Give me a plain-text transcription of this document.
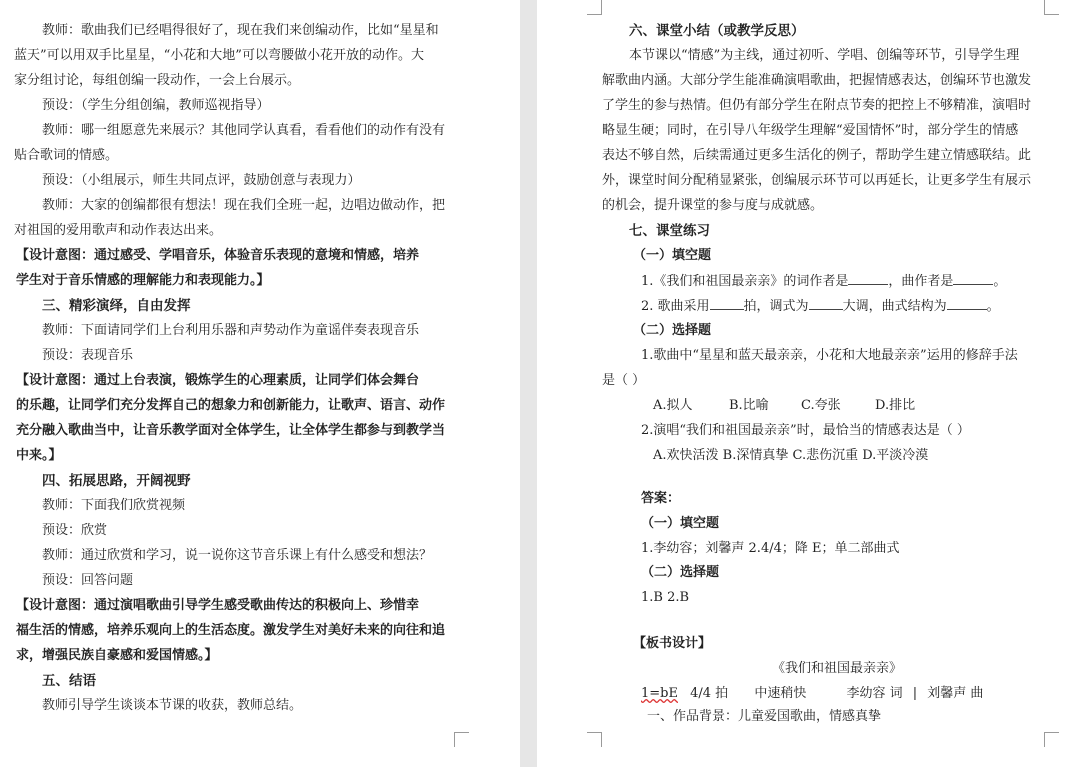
教师：歌曲我们已经唱得很好了，现在我们来创编动作，比如“星星和
蓝天”可以用双手比星星，“小花和大地”可以弯腰做小花开放的动作。大
家分组讨论，每组创编一段动作，一会上台展示。
预设：（学生分组创编，教师巡视指导）
教师：哪一组愿意先来展示？其他同学认真看，看看他们的动作有没有
贴合歌词的情感。
预设：（小组展示，师生共同点评，鼓励创意与表现力）
教师：大家的创编都很有想法！现在我们全班一起，边唱边做动作，把
对祖国的爱用歌声和动作表达出来。
【设计意图：通过感受、学唱音乐，体验音乐表现的意境和情感，培养
学生对于音乐情感的理解能力和表现能力。】
三、精彩演绎，自由发挥
教师：下面请同学们上台利用乐器和声势动作为童谣伴奏表现音乐
预设：表现音乐
【设计意图：通过上台表演，锻炼学生的心理素质，让同学们体会舞台
的乐趣，让同学们充分发挥自己的想象力和创新能力，让歌声、语言、动作
充分融入歌曲当中，让音乐教学面对全体学生，让全体学生都参与到教学当
中来。】
四、拓展思路，开阔视野
教师：下面我们欣赏视频
预设：欣赏
教师：通过欣赏和学习，说一说你这节音乐课上有什么感受和想法？
预设：回答问题
【设计意图：通过演唱歌曲引导学生感受歌曲传达的积极向上、珍惜幸
福生活的情感，培养乐观向上的生活态度。激发学生对美好未来的向往和追
求，增强民族自豪感和爱国情感。】
五、结语
教师引导学生谈谈本节课的收获，教师总结。
六、课堂小结（或教学反思）
本节课以“情感”为主线，通过初听、学唱、创编等环节，引导学生理
解歌曲内涵。大部分学生能准确演唱歌曲，把握情感表达，创编环节也激发
了学生的参与热情。但仍有部分学生在附点节奏的把控上不够精准，演唱时
略显生硬；同时，在引导八年级学生理解“爱国情怀”时，部分学生的情感
表达不够自然，后续需通过更多生活化的例子，帮助学生建立情感联结。此
外，课堂时间分配稍显紧张，创编展示环节可以再延长，让更多学生有展示
的机会，提升课堂的参与度与成就感。
七、课堂练习
（一）填空题
1.《我们和祖国最亲亲》的词作者是	，曲作者是	。
2. 歌曲采用	拍，调式为	大调，曲式结构为	。
（二）选择题
1.歌曲中“星星和蓝天最亲亲，小花和大地最亲亲”运用的修辞手法
是（ ）
A.拟人	B.比喻 C.夸张	D.排比
2.演唱“我们和祖国最亲亲”时，最恰当的情感表达是（ ）
A.欢快活泼 B.深情真挚 C.悲伤沉重 D.平淡冷漠
答案：
（一）填空题
1.李幼容；刘馨声 2.4/4；降 E；单二部曲式
（二）选择题
1.B 2.B
【板书设计】
《我们和祖国最亲亲》
1=bE 4/4 拍 中速稍快	李幼容 词 | 刘馨声 曲
一、作品背景：儿童爱国歌曲，情感真挚
